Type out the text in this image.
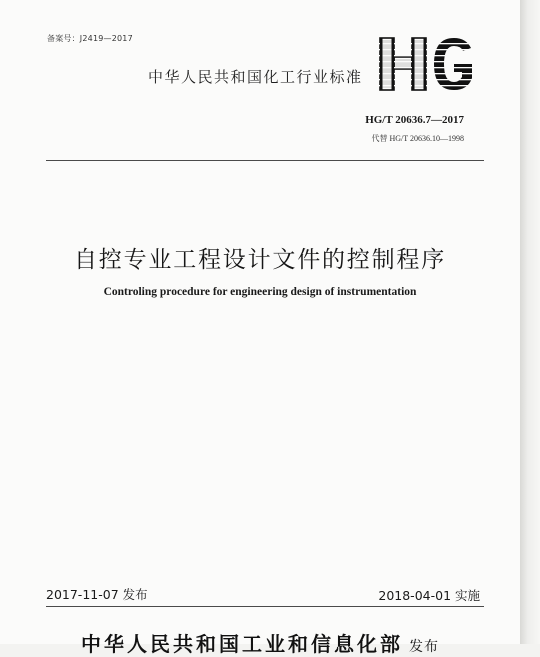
备案号：J2419—2017
中华人民共和国化工行业标准
HG/T 20636.7—2017
代替 HG/T 20636.10—1998
自控专业工程设计文件的控制程序
Controling procedure for engineering design of instrumentation
2017-11-07 发布	2018-04-01 实施
中华人民共和国工业和信息化部 发布
